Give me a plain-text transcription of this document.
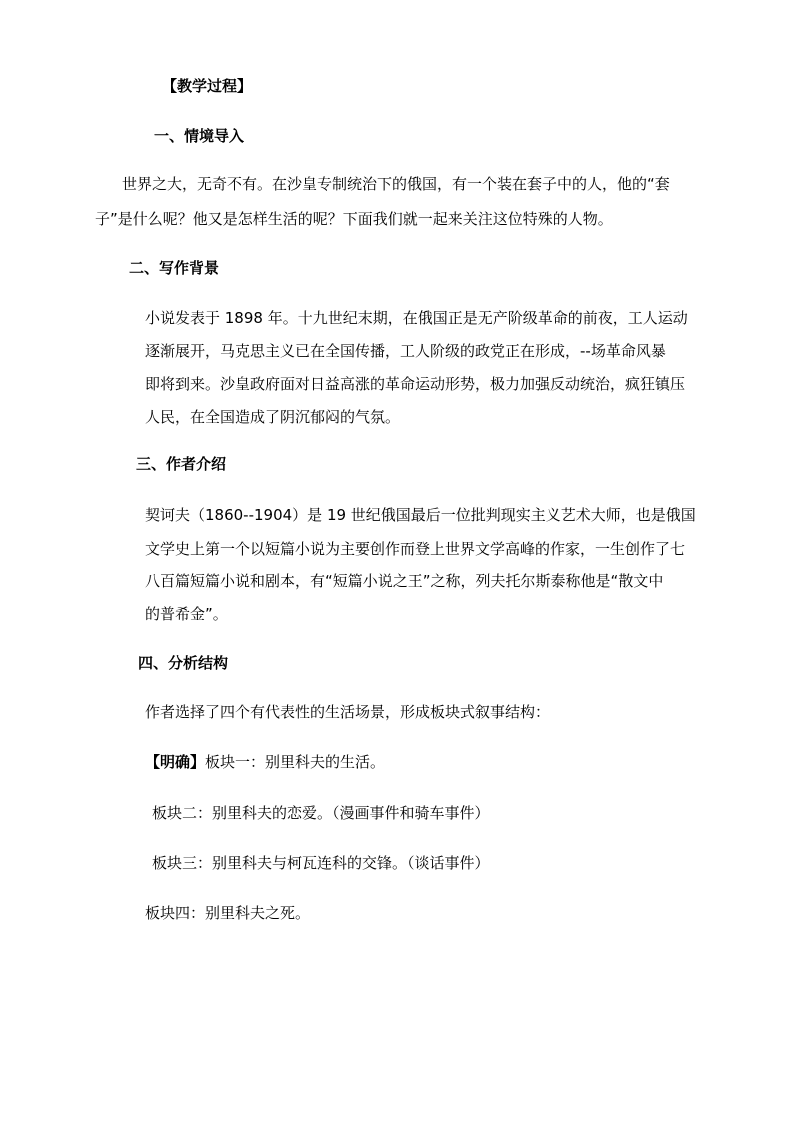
【教学过程】
一、情境导入
世界之大，无奇不有。在沙皇专制统治下的俄国，有一个装在套子中的人，他的“套
子”是什么呢？他又是怎样生活的呢？下面我们就一起来关注这位特殊的人物。
二、写作背景
小说发表于 1898 年。十九世纪末期，在俄国正是无产阶级革命的前夜，工人运动
逐渐展开，马克思主义已在全国传播，工人阶级的政党正在形成，--场革命风暴
即将到来。沙皇政府面对日益高涨的革命运动形势，极力加强反动统治，疯狂镇压
人民，在全国造成了阴沉郁闷的气氛。
三、作者介绍
契诃夫（1860--1904）是 19 世纪俄国最后一位批判现实主义艺术大师，也是俄国
文学史上第一个以短篇小说为主要创作而登上世界文学高峰的作家，一生创作了七
八百篇短篇小说和剧本，有“短篇小说之王”之称，列夫托尔斯泰称他是“散文中
的普希金”。
四、分析结构
作者选择了四个有代表性的生活场景，形成板块式叙事结构：
【明确】板块一：别里科夫的生活。
板块二：别里科夫的恋爱。（漫画事件和骑车事件）
板块三：别里科夫与柯瓦连科的交锋。（谈话事件）
板块四：别里科夫之死。
